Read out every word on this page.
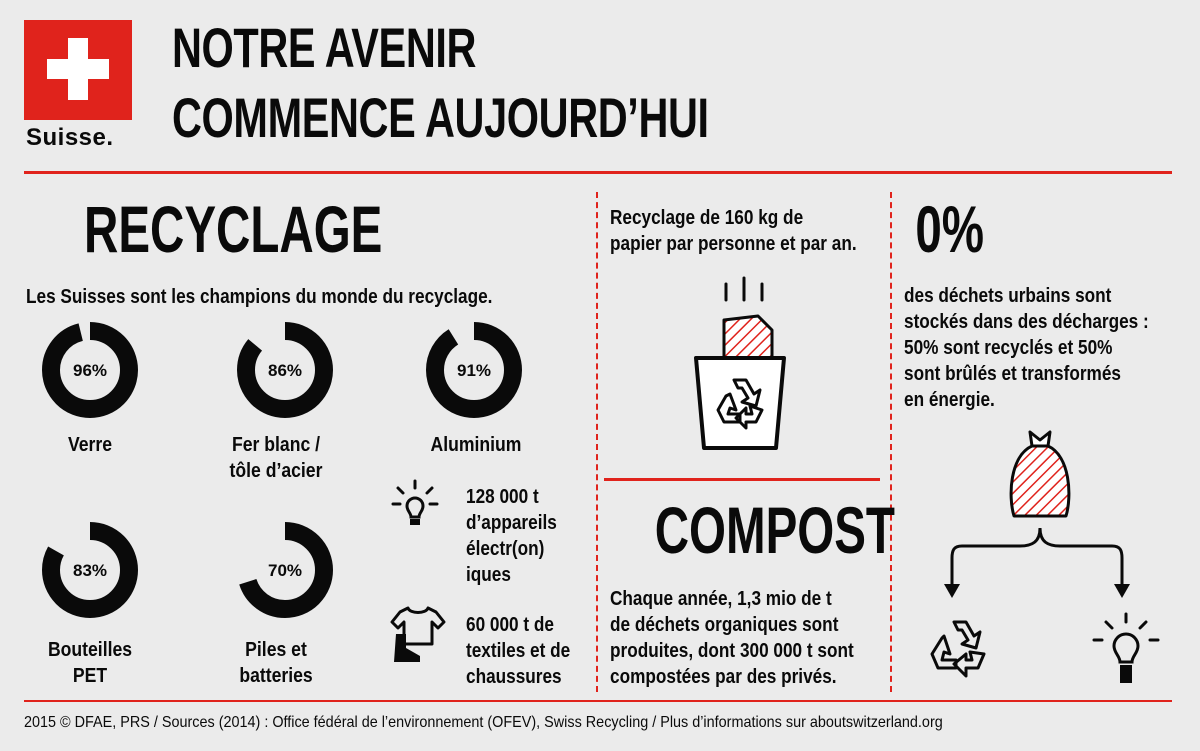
Suisse.
NOTRE AVENIR
COMMENCE AUJOURD’HUI
RECYCLAGE
Les Suisses sont les champions du monde du recyclage.
96%
Verre
86%
Fer blanc /
tôle d’acier
91%
Aluminium
83%
Bouteilles
PET
70%
Piles et
batteries
128 000 t
d’appareils
électr(on)
iques
60 000 t de
textiles et de
chaussures
Recyclage de 160 kg de
papier par personne et par an.
COMPOST
Chaque année, 1,3 mio de t
de déchets organiques sont
produites, dont 300 000 t sont
compostées par des privés.
0%
des déchets urbains sont
stockés dans des décharges :
50% sont recyclés et 50%
sont brûlés et transformés
en énergie.
2015 © DFAE, PRS / Sources (2014) : Office fédéral de l’environnement (OFEV), Swiss Recycling / Plus d’informations sur aboutswitzerland.org
